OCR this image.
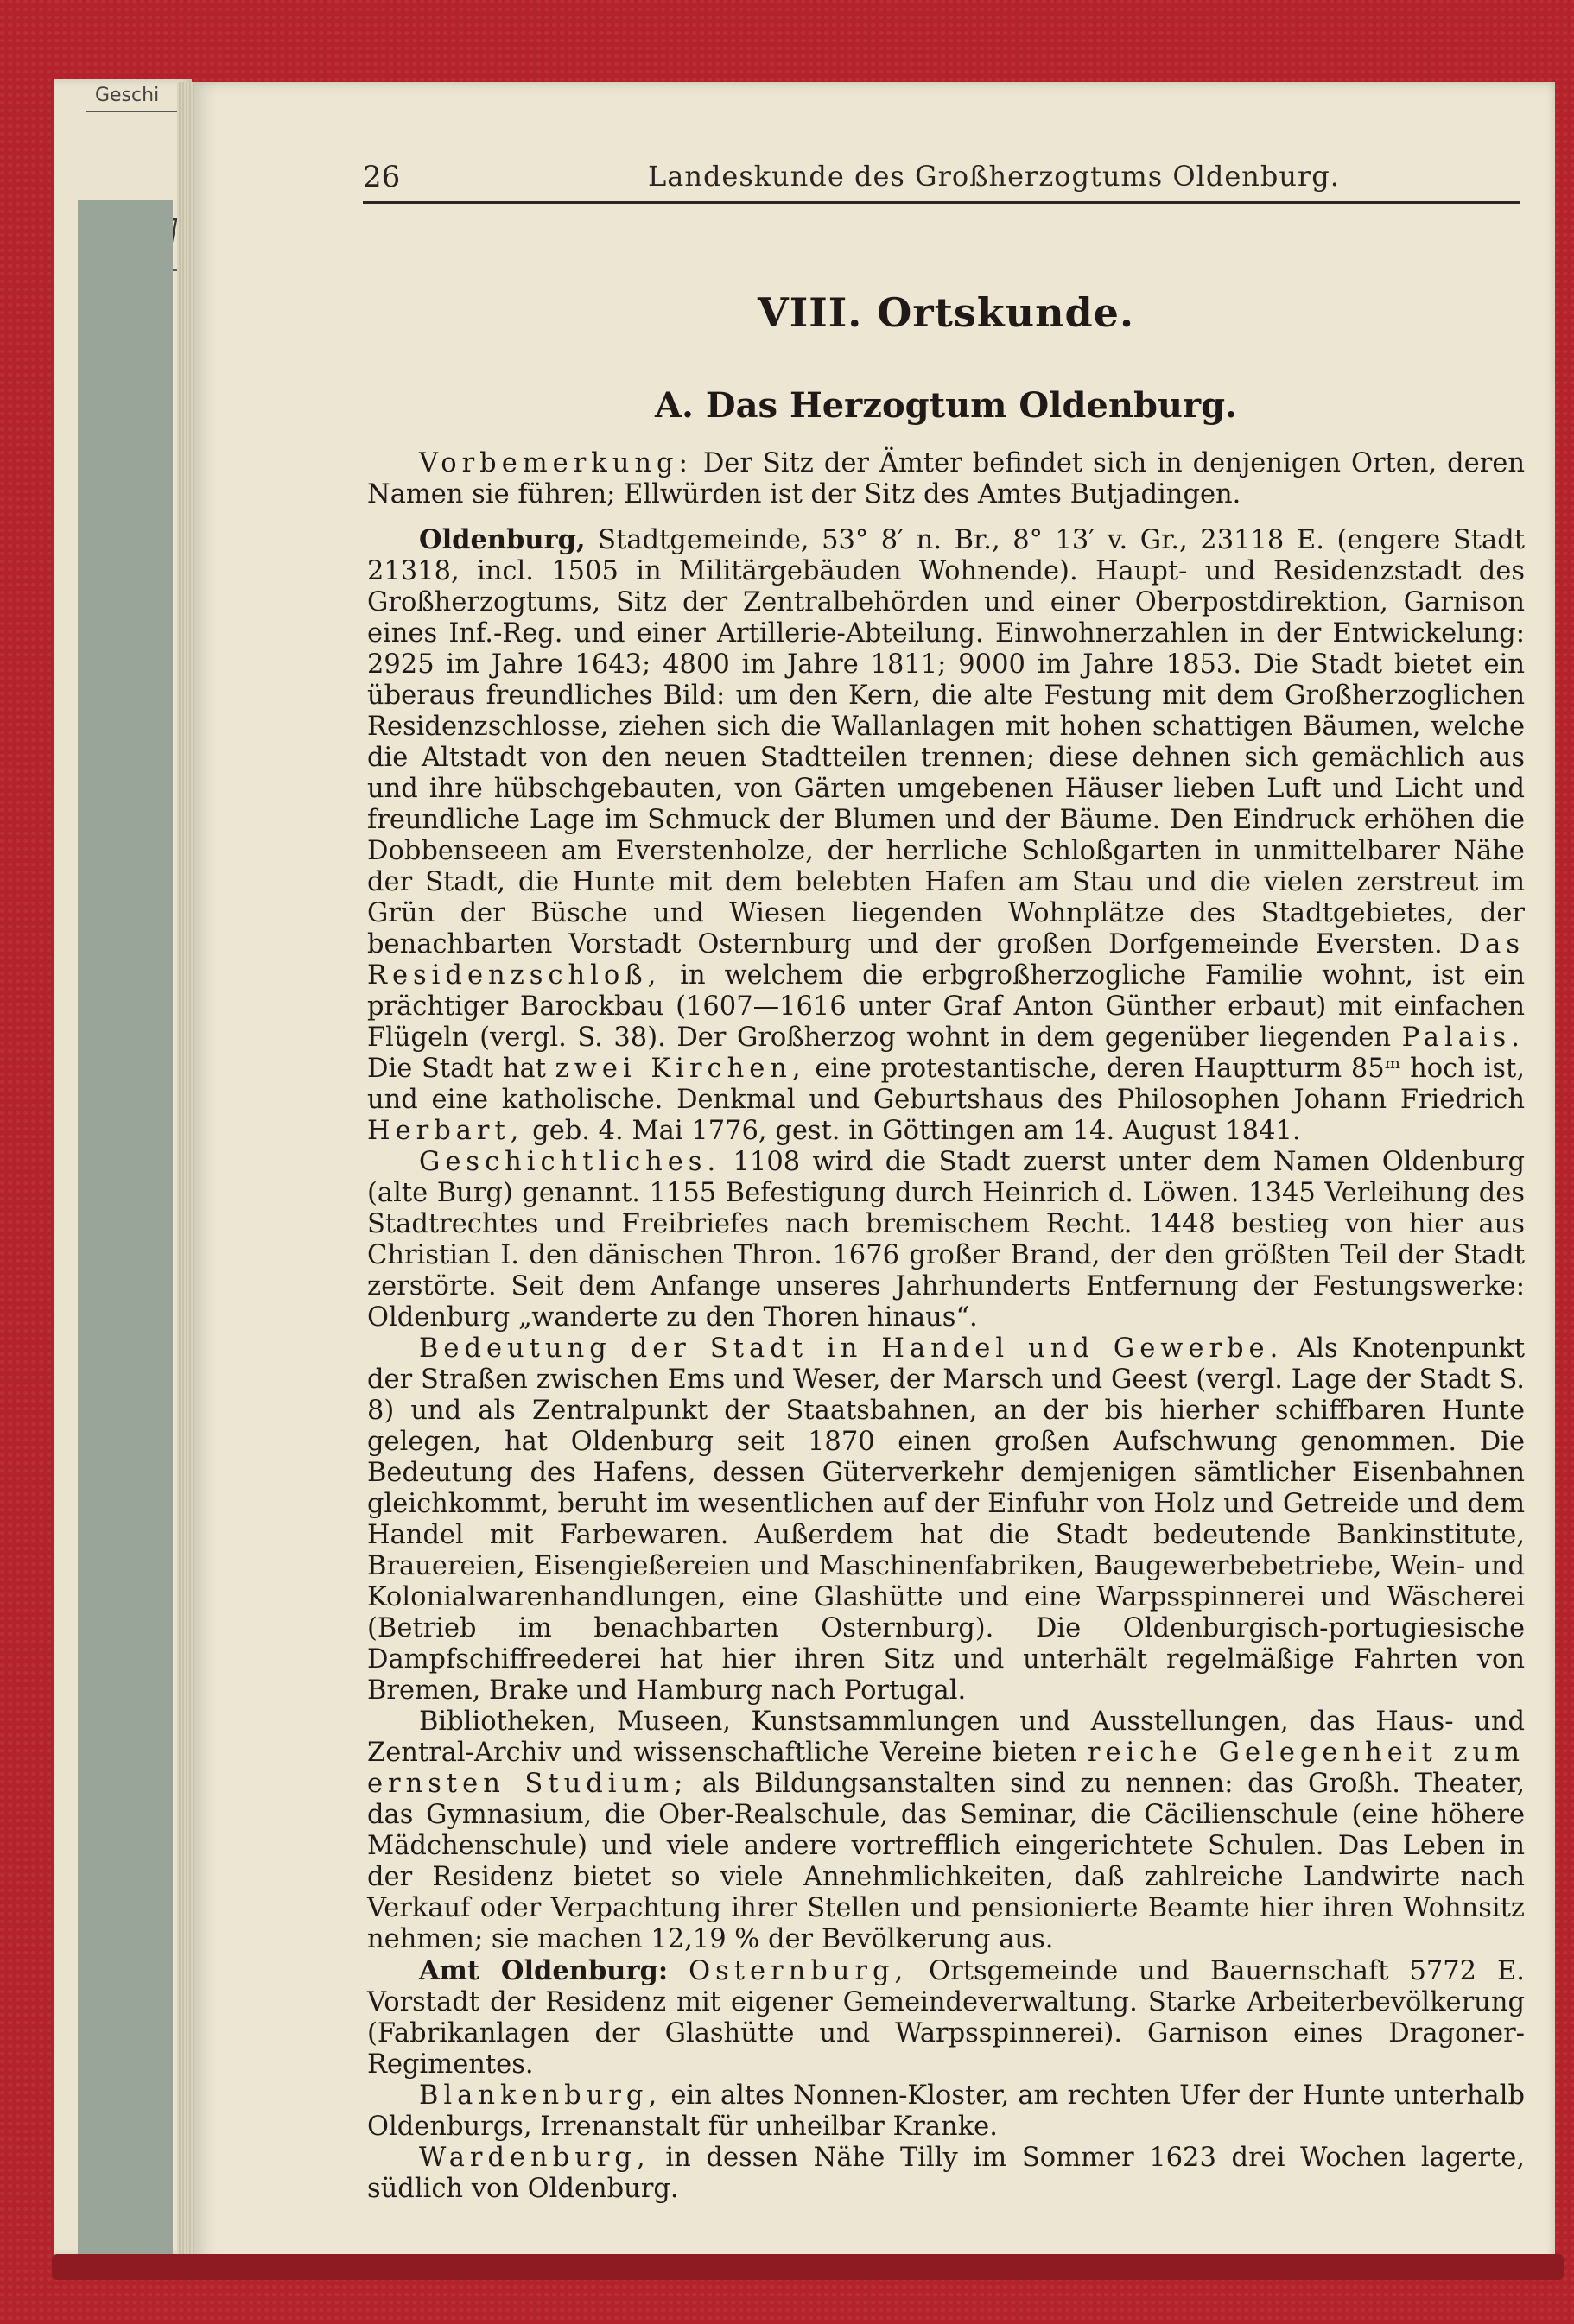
Geschi
26	Landeskunde des Großherzogtums Oldenburg.
VIII. Ortskunde.
A. Das Herzogtum Oldenburg.

Vorbemerkung: Der Sitz der Ämter befindet sich in denjenigen Orten, deren Namen sie führen; Ellwürden ist der Sitz des Amtes Butjadingen.

Oldenburg, Stadtgemeinde, 53° 8′ n. Br., 8° 13′ v. Gr., 23118 E. (engere Stadt 21318, incl. 1505 in Militärgebäuden Wohnende). Haupt- und Residenzstadt des Großherzogtums, Sitz der Zentralbehörden und einer Oberpostdirektion, Garnison eines Inf.-Reg. und einer Artillerie-Abteilung. Einwohnerzahlen in der Entwickelung: 2925 im Jahre 1643; 4800 im Jahre 1811; 9000 im Jahre 1853. Die Stadt bietet ein überaus freundliches Bild: um den Kern, die alte Festung mit dem Großherzoglichen Residenzschlosse, ziehen sich die Wallanlagen mit hohen schattigen Bäumen, welche die Altstadt von den neuen Stadtteilen trennen; diese dehnen sich gemächlich aus und ihre hübschgebauten, von Gärten umgebenen Häuser lieben Luft und Licht und freundliche Lage im Schmuck der Blumen und der Bäume. Den Eindruck erhöhen die Dobbenseeen am Everstenholze, der herrliche Schloßgarten in unmittelbarer Nähe der Stadt, die Hunte mit dem belebten Hafen am Stau und die vielen zerstreut im Grün der Büsche und Wiesen liegenden Wohnplätze des Stadtgebietes, der benachbarten Vorstadt Osternburg und der großen Dorfgemeinde Eversten. Das Residenzschloß, in welchem die erbgroßherzogliche Familie wohnt, ist ein prächtiger Barockbau (1607—1616 unter Graf Anton Günther erbaut) mit einfachen Flügeln (vergl. S. 38). Der Großherzog wohnt in dem gegenüber liegenden Palais. Die Stadt hat zwei Kirchen, eine protestantische, deren Hauptturm 85ᵐ hoch ist, und eine katholische. Denkmal und Geburtshaus des Philosophen Johann Friedrich Herbart, geb. 4. Mai 1776, gest. in Göttingen am 14. August 1841.

Geschichtliches. 1108 wird die Stadt zuerst unter dem Namen Oldenburg (alte Burg) genannt. 1155 Befestigung durch Heinrich d. Löwen. 1345 Verleihung des Stadtrechtes und Freibriefes nach bremischem Recht. 1448 bestieg von hier aus Christian I. den dänischen Thron. 1676 großer Brand, der den größten Teil der Stadt zerstörte. Seit dem Anfange unseres Jahrhunderts Entfernung der Festungswerke: Oldenburg „wanderte zu den Thoren hinaus“.

Bedeutung der Stadt in Handel und Gewerbe. Als Knotenpunkt der Straßen zwischen Ems und Weser, der Marsch und Geest (vergl. Lage der Stadt S. 8) und als Zentralpunkt der Staatsbahnen, an der bis hierher schiffbaren Hunte gelegen, hat Oldenburg seit 1870 einen großen Aufschwung genommen. Die Bedeutung des Hafens, dessen Güterverkehr demjenigen sämtlicher Eisenbahnen gleichkommt, beruht im wesentlichen auf der Einfuhr von Holz und Getreide und dem Handel mit Farbewaren. Außerdem hat die Stadt bedeutende Bankinstitute, Brauereien, Eisengießereien und Maschinenfabriken, Baugewerbebetriebe, Wein- und Kolonialwarenhandlungen, eine Glashütte und eine Warpsspinnerei und Wäscherei (Betrieb im benachbarten Osternburg). Die Oldenburgisch-portugiesische Dampfschiffreederei hat hier ihren Sitz und unterhält regelmäßige Fahrten von Bremen, Brake und Hamburg nach Portugal.

Bibliotheken, Museen, Kunstsammlungen und Ausstellungen, das Haus- und Zentral-Archiv und wissenschaftliche Vereine bieten reiche Gelegenheit zum ernsten Studium; als Bildungsanstalten sind zu nennen: das Großh. Theater, das Gymnasium, die Ober-Realschule, das Seminar, die Cäcilienschule (eine höhere Mädchenschule) und viele andere vortrefflich eingerichtete Schulen. Das Leben in der Residenz bietet so viele Annehmlichkeiten, daß zahlreiche Landwirte nach Verkauf oder Verpachtung ihrer Stellen und pensionierte Beamte hier ihren Wohnsitz nehmen; sie machen 12,19 % der Bevölkerung aus.

Amt Oldenburg: Osternburg, Ortsgemeinde und Bauernschaft 5772 E. Vorstadt der Residenz mit eigener Gemeindeverwaltung. Starke Arbeiterbevölkerung (Fabrikanlagen der Glashütte und Warpsspinnerei). Garnison eines Dragoner-Regimentes.

Blankenburg, ein altes Nonnen-Kloster, am rechten Ufer der Hunte unterhalb Oldenburgs, Irrenanstalt für unheilbar Kranke.

Wardenburg, in dessen Nähe Tilly im Sommer 1623 drei Wochen lagerte, südlich von Oldenburg.
